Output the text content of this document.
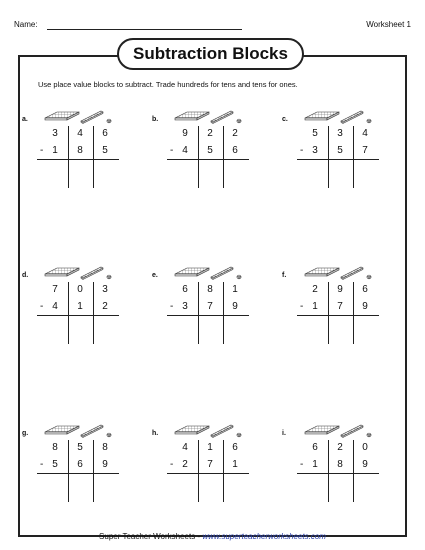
Name:	Worksheet 1
Subtraction Blocks
Use place value blocks to subtract. Trade hundreds for tens and tens for ones.
a.
3
1
4
8
6
5
-
b.
9
4
2
5
2
6
-
c.
5
3
3
5
4
7
-
d.
7
4
0
1
3
2
-
e.
6
3
8
7
1
9
-
f.
2
1
9
7
6
9
-
g.
8
5
5
6
8
9
-
h.
4
2
1
7
6
1
-
i.
6
1
2
8
0
9
-
Super Teacher Worksheets - www.superteacherworksheets.com
